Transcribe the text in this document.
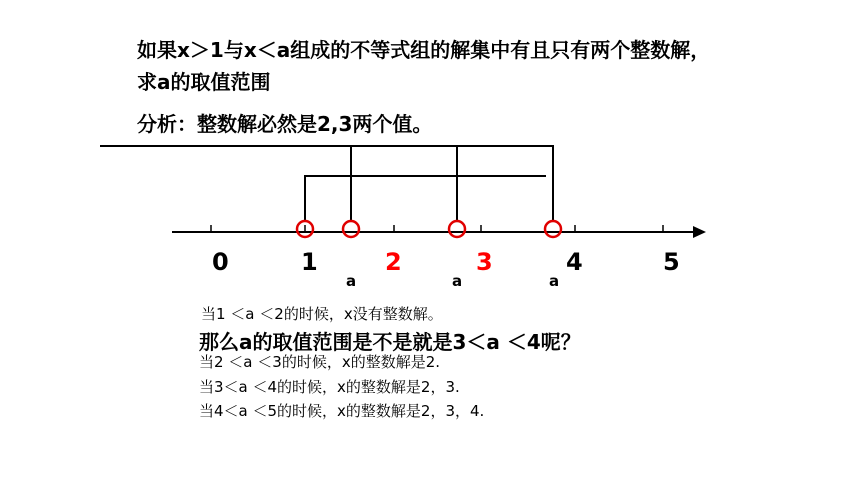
如果x＞1与x＜a组成的不等式组的解集中有且只有两个整数解，
求a的取值范围
分析：整数解必然是2,3两个值。
0	1	2	3	4	5
a	a	a
当1 ＜a ＜2的时候，x没有整数解。
当2 ＜a ＜3的时候，x的整数解是2.
当3＜a ＜4的时候，x的整数解是2，3.
当4＜a ＜5的时候，x的整数解是2，3，4.
那么a的取值范围是不是就是3＜a ＜4呢？
